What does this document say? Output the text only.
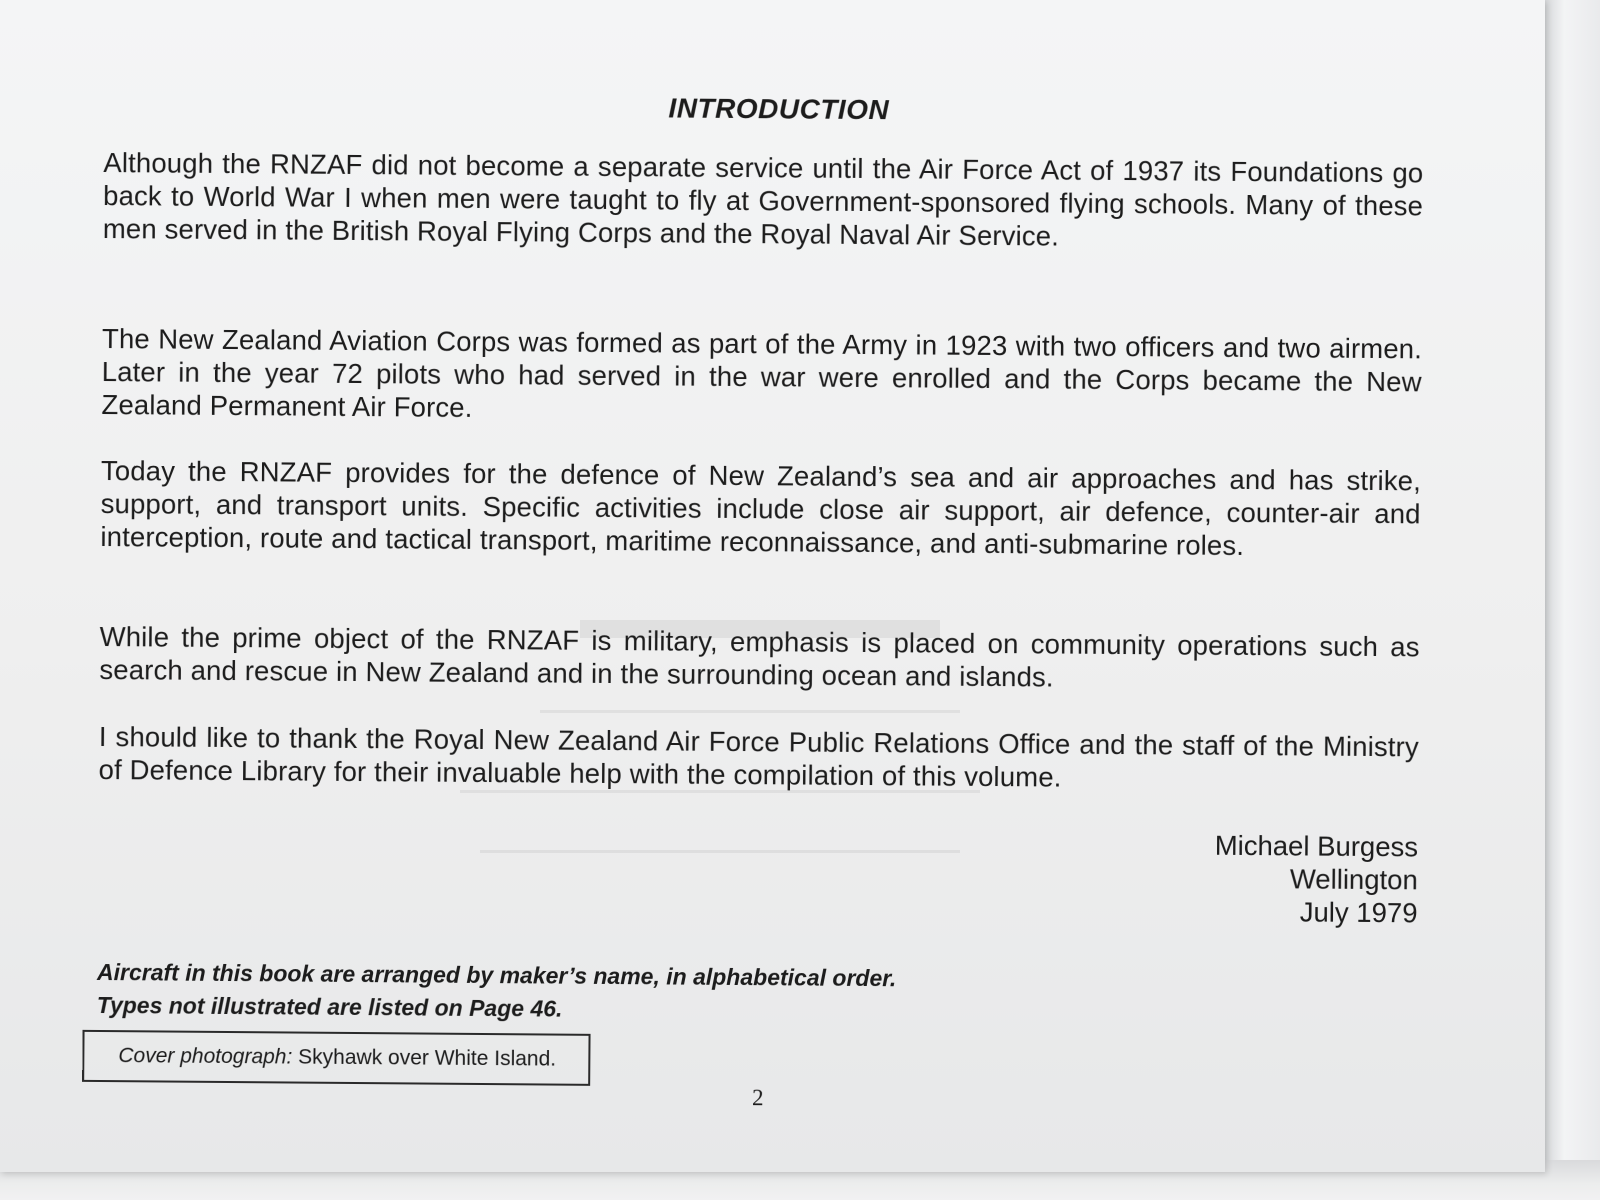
INTRODUCTION

Although the RNZAF did not become a separate service until the Air Force Act of 1937 its Foundations go back to World War I when men were taught to fly at Government-sponsored flying schools. Many of these men served in the British Royal Flying Corps and the Royal Naval Air Service.

The New Zealand Aviation Corps was formed as part of the Army in 1923 with two officers and two airmen. Later in the year 72 pilots who had served in the war were enrolled and the Corps became the New Zealand Permanent Air Force.

Today the RNZAF provides for the defence of New Zealand’s sea and air approaches and has strike, support, and transport units. Specific activities include close air support, air defence, counter-air and interception, route and tactical transport, maritime reconnaissance, and anti-submarine roles.

While the prime object of the RNZAF is military, emphasis is placed on community operations such as search and rescue in New Zealand and in the surrounding ocean and islands.

I should like to thank the Royal New Zealand Air Force Public Relations Office and the staff of the Ministry of Defence Library for their invaluable help with the compilation of this volume.

Michael Burgess
Wellington
July 1979
Aircraft in this book are arranged by maker’s name, in alphabetical order.
Types not illustrated are listed on Page 46.
Cover photograph:
Skyhawk over White Island.
2
